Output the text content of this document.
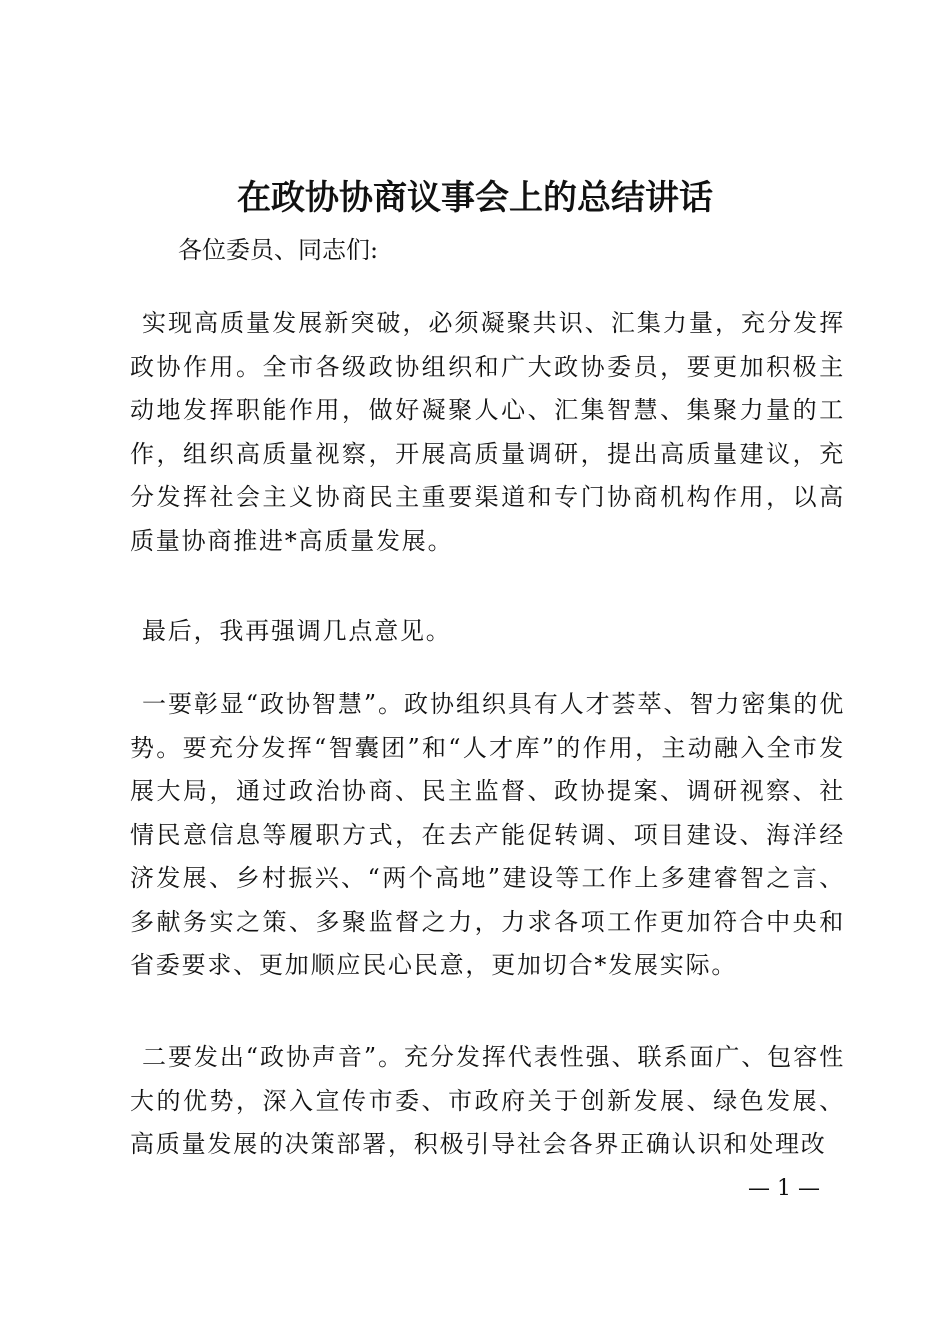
在政协协商议事会上的总结讲话
各位委员、同志们:
实现高质量发展新突破，必须凝聚共识、汇集力量，充分发挥政协作用。全市各级政协组织和广大政协委员，要更加积极主动地发挥职能作用，做好凝聚人心、汇集智慧、集聚力量的工作，组织高质量视察，开展高质量调研，提出高质量建议，充分发挥社会主义协商民主重要渠道和专门协商机构作用，以高质量协商推进*高质量发展。
最后，我再强调几点意见。
一要彰显“政协智慧”。政协组织具有人才荟萃、智力密集的优势。要充分发挥“智囊团”和“人才库”的作用，主动融入全市发展大局，通过政治协商、民主监督、政协提案、调研视察、社情民意信息等履职方式，在去产能促转调、项目建设、海洋经济发展、乡村振兴、“两个高地”建设等工作上多建睿智之言、多献务实之策、多聚监督之力，力求各项工作更加符合中央和省委要求、更加顺应民心民意，更加切合*发展实际。
二要发出“政协声音”。充分发挥代表性强、联系面广、包容性大的优势，深入宣传市委、市政府关于创新发展、绿色发展、高质量发展的决策部署，积极引导社会各界正确认识和处理改
— 1 —
